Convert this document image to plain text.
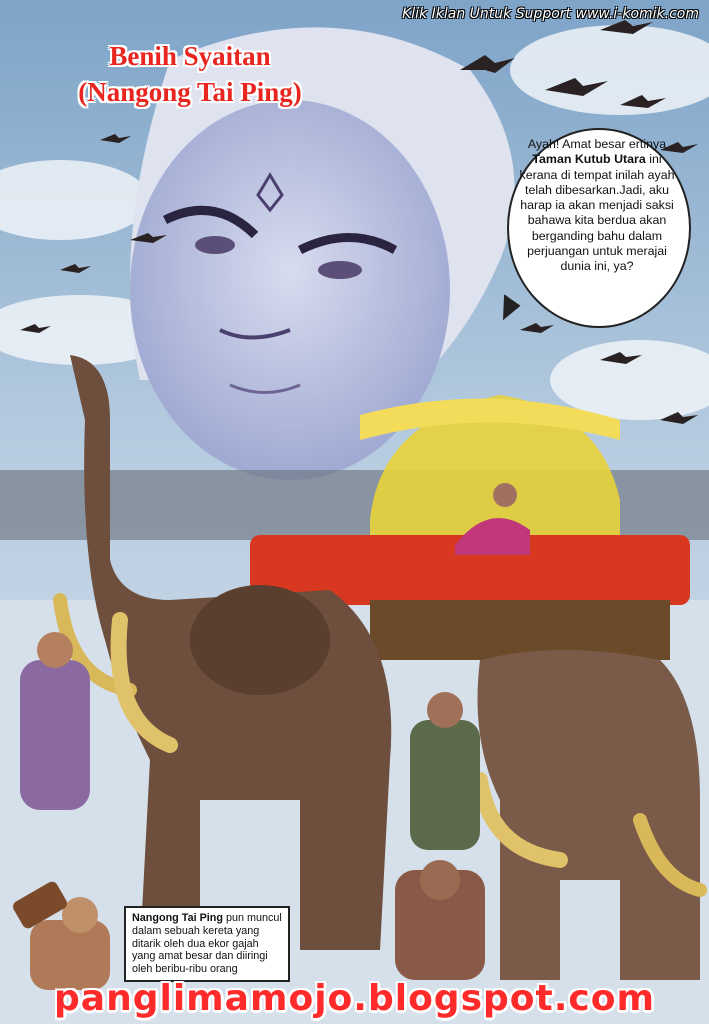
Klik Iklan Untuk Support www.i-komik.com
Benih Syaitan
(Nangong Tai Ping)
Ayah! Amat besar ertinya Taman Kutub Utara ini kerana di tempat inilah ayah telah dibesarkan.Jadi, aku harap ia akan menjadi saksi bahawa kita berdua akan berganding bahu dalam perjuangan untuk merajai dunia ini, ya?
Nangong Tai Ping pun muncul dalam sebuah kereta yang ditarik oleh dua ekor gajah yang amat besar dan diiringi oleh beribu-ribu orang
panglimamojo.blogspot.com
